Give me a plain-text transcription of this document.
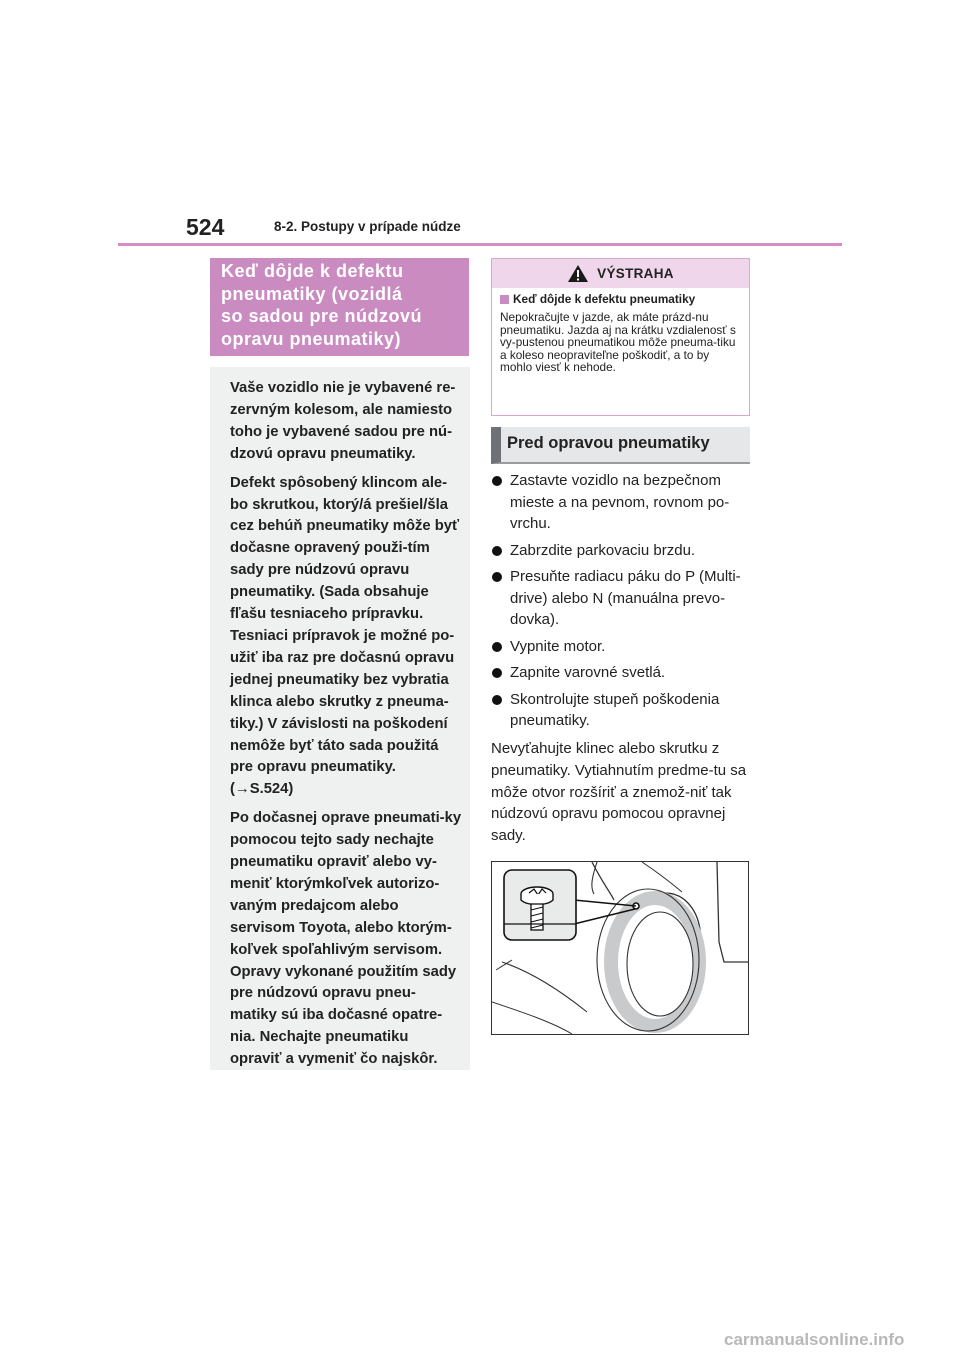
524	8-2. Postupy v prípade núdze
Keď dôjde k defektu
pneumatiky (vozidlá
so sadou pre núdzovú
opravu pneumatiky)

Vaše vozidlo nie je vybavené re-zervným kolesom, ale namiesto toho je vybavené sadou pre nú-dzovú opravu pneumatiky.

Defekt spôsobený klincom ale-bo skrutkou, ktorý/á prešiel/šla cez behúň pneumatiky môže byť dočasne opravený použi-tím sady pre núdzovú opravu pneumatiky. (Sada obsahuje fľašu tesniaceho prípravku. Tesniaci prípravok je možné po-užiť iba raz pre dočasnú opravu jednej pneumatiky bez vybratia klinca alebo skrutky z pneuma-tiky.) V závislosti na poškodení nemôže byť táto sada použitá pre opravu pneumatiky. (→S.524)

Po dočasnej oprave pneumati-ky pomocou tejto sady nechajte pneumatiku opraviť alebo vy-meniť ktorýmkoľvek autorizo-vaným predajcom alebo servisom Toyota, alebo ktorým-koľvek spoľahlivým servisom. Opravy vykonané použitím sady pre núdzovú opravu pneu-matiky sú iba dočasné opatre-nia. Nechajte pneumatiku opraviť a vymeniť čo najskôr.

VÝSTRAHA
Keď dôjde k defektu pneumatiky
Nepokračujte v jazde, ak máte prázd-nu pneumatiku. Jazda aj na krátku vzdialenosť s vy-pustenou pneumatikou môže pneuma-tiku a koleso neopraviteľne poškodiť, a to by mohlo viesť k nehode.
Pred opravou pneumatiky
Zastavte vozidlo na bezpečnom mieste a na pevnom, rovnom po-vrchu.
Zabrzdite parkovaciu brzdu.
Presuňte radiacu páku do P (Multi-drive) alebo N (manuálna prevo-dovka).
Vypnite motor.
Zapnite varovné svetlá.
Skontrolujte stupeň poškodenia pneumatiky.

Nevyťahujte klinec alebo skrutku z pneumatiky. Vytiahnutím predme-tu sa môže otvor rozšíriť a znemož-niť tak núdzovú opravu pomocou opravnej sady.

carmanualsonline.info
